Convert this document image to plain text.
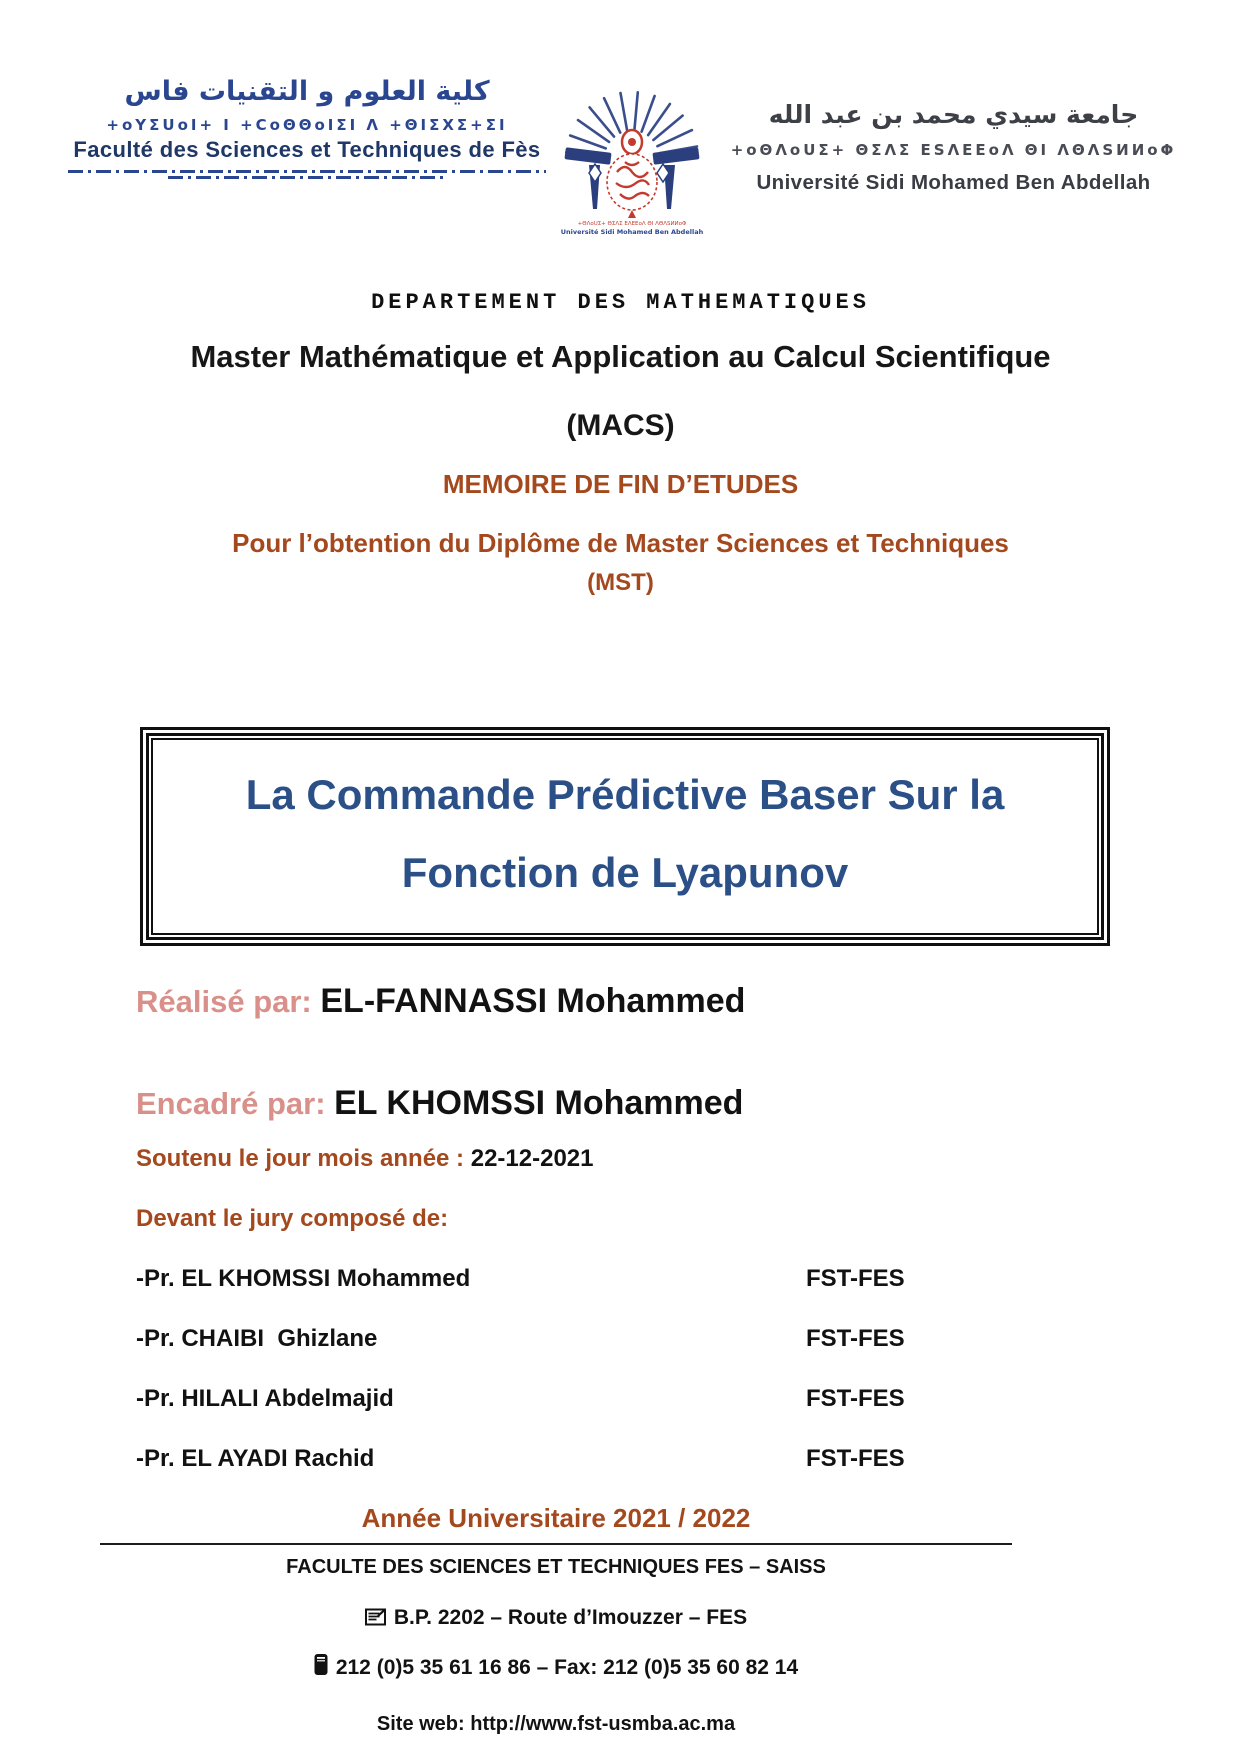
كلية العلوم و التقنيات فاس
+oYΣUoI+ I +CoΘΘoIΣI Λ +ΘIΣXΣ+ΣI
Faculté des Sciences et Techniques de Fès
+ΘΛoUΣ+ ΘΣΛΣ ΕΛΕΕoΛ ΘΙ ΛΘΛSИИoΦ
Université Sidi Mohamed Ben Abdellah
جامعة سيدي محمد بن عبد الله
+oΘΛoUΣ+ ΘΣΛΣ ΕSΛΕΕoΛ ΘΙ ΛΘΛSИИoΦ
Université Sidi Mohamed Ben Abdellah
DEPARTEMENT DES MATHEMATIQUES
Master Mathématique et Application au Calcul Scientifique
(MACS)
MEMOIRE DE FIN D’ETUDES
Pour l’obtention du Diplôme de Master Sciences et Techniques
(MST)
La Commande Prédictive Baser Sur la
Fonction de Lyapunov
Réalisé par: EL-FANNASSI Mohammed
Encadré par: EL KHOMSSI Mohammed
Soutenu le jour mois année : 22-12-2021
Devant le jury composé de:
-Pr. EL KHOMSSI Mohammed	FST-FES
-Pr. CHAIBI  Ghizlane	FST-FES
-Pr. HILALI Abdelmajid	FST-FES
-Pr. EL AYADI Rachid	FST-FES
Année Universitaire 2021 / 2022
FACULTE DES SCIENCES ET TECHNIQUES FES – SAISS
B.P. 2202 – Route d’Imouzzer – FES
212 (0)5 35 61 16 86 – Fax: 212 (0)5 35 60 82 14
Site web: http://www.fst-usmba.ac.ma
